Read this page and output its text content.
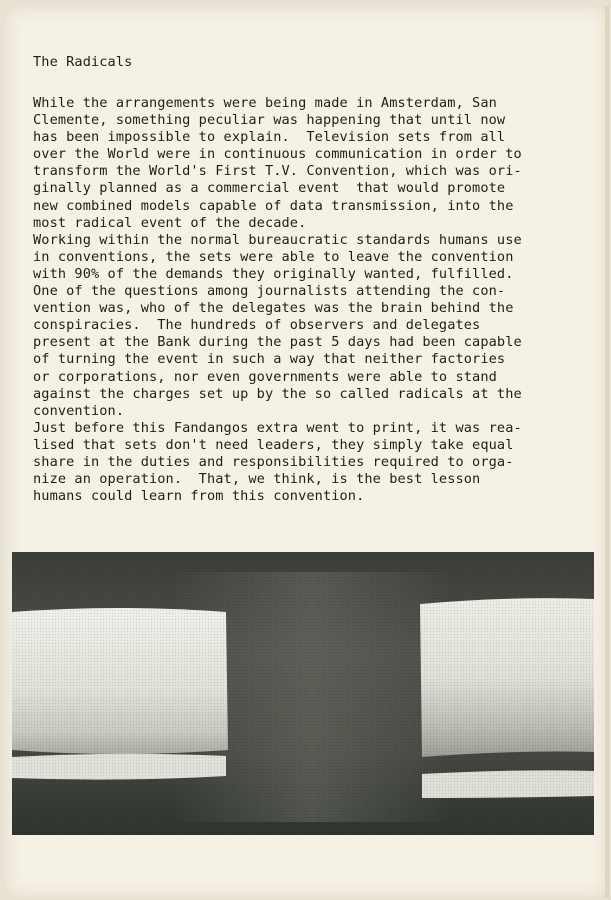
The Radicals
While the arrangements were being made in Amsterdam, San
Clemente, something peculiar was happening that until now
has been impossible to explain.  Television sets from all
over the World were in continuous communication in order to
transform the World's First T.V. Convention, which was ori-
ginally planned as a commercial event  that would promote
new combined models capable of data transmission, into the
most radical event of the decade.
Working within the normal bureaucratic standards humans use
in conventions, the sets were able to leave the convention
with 90% of the demands they originally wanted, fulfilled.
One of the questions among journalists attending the con-
vention was, who of the delegates was the brain behind the
conspiracies.  The hundreds of observers and delegates
present at the Bank during the past 5 days had been capable
of turning the event in such a way that neither factories
or corporations, nor even governments were able to stand
against the charges set up by the so called radicals at the
convention.
Just before this Fandangos extra went to print, it was rea-
lised that sets don't need leaders, they simply take equal
share in the duties and responsibilities required to orga-
nize an operation.  That, we think, is the best lesson
humans could learn from this convention.
